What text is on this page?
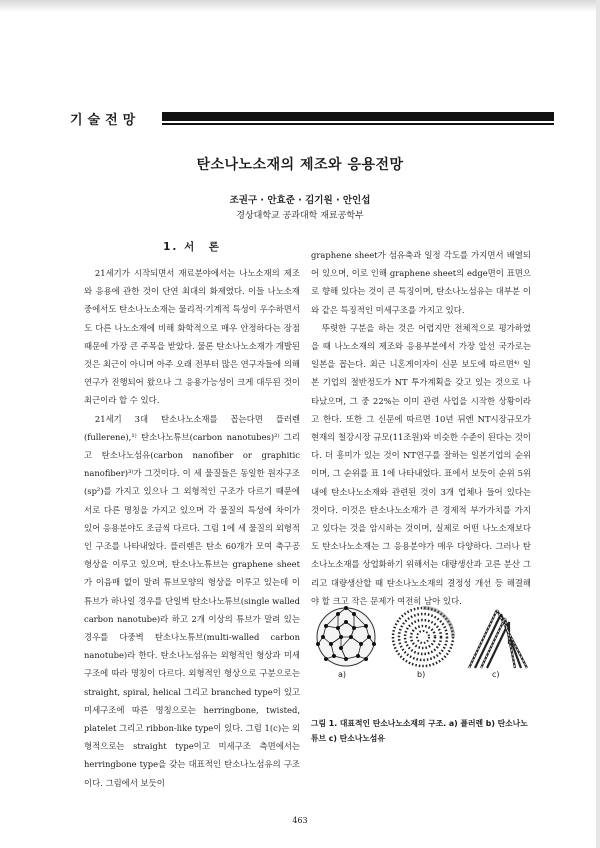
기술전망
탄소나노소재의 제조와 응용전망
조권구 · 안효준 · 김기원 · 안인섭
경상대학교 공과대학 재료공학부
1. 서　론

21세기가 시작되면서 재료분야에서는 나노소재의 제조와 응용에 관한 것이 단연 최대의 화제였다. 이들 나노소재중에서도 탄소나노소재는 물리적·기계적 특성이 우수하면서도 다른 나노소재에 비해 화학적으로 매우 안정하다는 장점 때문에 가장 큰 주목을 받았다. 물론 탄소나노소재가 개발된 것은 최근이 아니며 아주 오래 전부터 많은 연구자들에 의해 연구가 진행되어 왔으나 그 응용가능성이 크게 대두된 것이 최근이라 할 수 있다.

21세기 3대 탄소나노소재를 꼽는다면 플러렌(fullerene),¹⁾ 탄소나노튜브(carbon nanotubes)²⁾ 그리고 탄소나노섬유(carbon nanofiber or graphitic nanofiber)³⁾가 그것이다. 이 세 물질들은 동일한 원자구조(sp²)를 가지고 있으나 그 외형적인 구조가 다르기 때문에 서로 다른 명칭을 가지고 있으며 각 물질의 특성에 차이가 있어 응용분야도 조금씩 다르다. 그림 1에 세 물질의 외형적인 구조를 나타내었다. 플러렌은 탄소 60개가 모여 축구공 형상을 이루고 있으며, 탄소나노튜브는 graphene sheet가 이음매 없이 말려 튜브모양의 형상을 이루고 있는데 이 튜브가 하나일 경우를 단일벽 탄소나노튜브(single walled carbon nanotube)라 하고 2개 이상의 튜브가 말려 있는 경우를 다중벽 탄소나노튜브(multi-walled carbon nanotube)라 한다. 탄소나노섬유는 외형적인 형상과 미세구조에 따라 명칭이 다르다. 외형적인 형상으로 구분으로는 straight, spiral, helical 그리고 branched type이 있고 미세구조에 따른 명칭으로는 herringbone, twisted, platelet 그리고 ribbon-like type이 있다. 그림 1(c)는 외형적으로는 straight type이고 미세구조 측면에서는 herringbone type을 갖는 대표적인 탄소나노섬유의 구조이다. 그림에서 보듯이

graphene sheet가 섬유축과 일정 각도를 가지면서 배열되어 있으며, 이로 인해 graphene sheet의 edge면이 표면으로 향해 있다는 것이 큰 특징이며, 탄소나노섬유는 대부분 이와 같은 특징적인 미세구조를 가지고 있다.

뚜렷한 구분을 하는 것은 어렵지만 전체적으로 평가하였을 때 나노소재의 제조와 응용부분에서 가장 앞선 국가로는 일본을 꼽는다. 최근 니혼게이자이 신문 보도에 따르면⁴⁾ 일본 기업의 절반정도가 NT 투가계획을 갖고 있는 것으로 나타났으며, 그 중 22%는 이미 관련 사업을 시작한 상황이라고 한다. 또한 그 신문에 따르면 10년 뒤엔 NT시장규모가 현재의 철강시장 규모(11조원)와 비슷한 수준이 된다는 것이다. 더 흥미가 있는 것이 NT연구를 잘하는 일본기업의 순위이며, 그 순위를 표 1에 나타내었다. 표에서 보듯이 순위 5위내에 탄소나노소재와 관련된 것이 3개 업체나 들어 있다는 것이다. 이것은 탄소나노소재가 큰 경제적 부가가치를 가지고 있다는 것을 암시하는 것이며, 실제로 어떤 나노소재보다도 탄소나노소재는 그 응용분야가 매우 다양하다. 그러나 탄소나노소재를 상업화하기 위해서는 대량생산과 고른 분산 그리고 대량생산할 때 탄소나노소재의 결정성 개선 등 해결해야 할 크고 작은 문제가 여전히 남아 있다.

a)	b)	c)
그림 1. 대표적인 탄소나노소재의 구조. a) 플러렌 b) 탄소나노튜브 c) 탄소나노섬유
463
